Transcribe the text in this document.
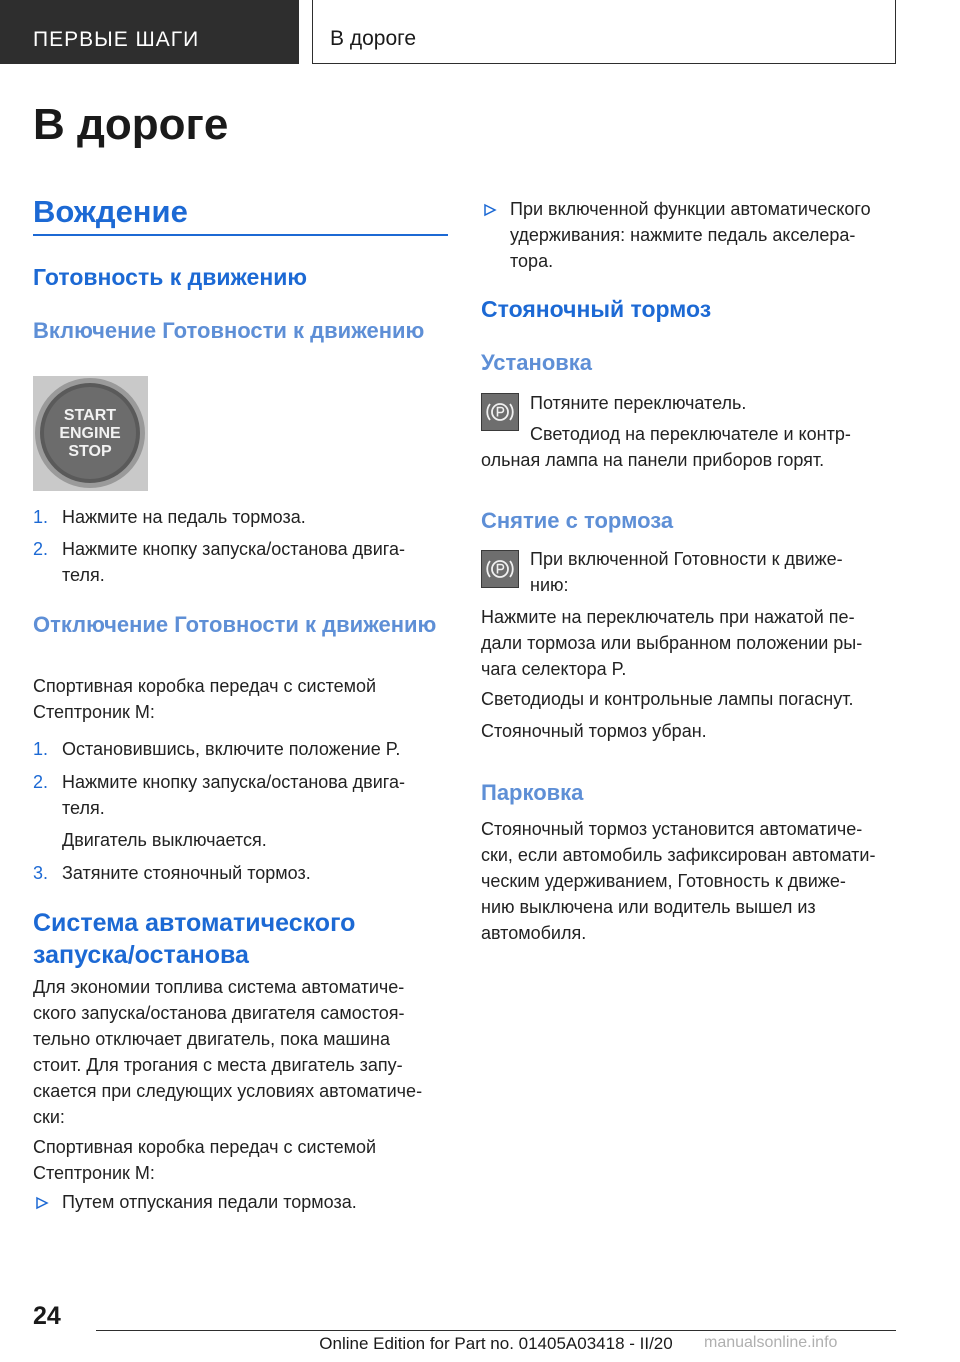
ПЕРВЫЕ ШАГИ	В дороге
В дороге
Вождение
Готовность к движению
Включение Готовности к движению
START
ENGINE
STOP
1. Нажмите на педаль тормоза.

2. Нажмите кнопку запуска/останова двига-

теля.

Отключение Готовности к движению

Спортивная коробка передач с системой Стептроник M:

1. Остановившись, включите положение P.

2. Нажмите кнопку запуска/останова двига-

теля.

Двигатель выключается.

3. Затяните стояночный тормоз.

Система автоматического запуска/останова

Для экономии топлива система автоматиче-

ского запуска/останова двигателя самостоя-

тельно отключает двигатель, пока машина

стоит. Для трогания с места двигатель запу-

скается при следующих условиях автоматиче-

ски:

Спортивная коробка передач с системой Стептроник M:

Путем отпускания педали тормоза.

При включенной функции автоматического

удерживания: нажмите педаль акселера-

тора.

Стояночный тормоз
Установка

Потяните переключатель.

Светодиод на переключателе и контр-

ольная лампа на панели приборов горят.

Снятие с тормоза

При включенной Готовности к движе-

нию:

Нажмите на переключатель при нажатой пе-

дали тормоза или выбранном положении ры-

чага селектора P.

Светодиоды и контрольные лампы погаснут.

Стояночный тормоз убран.

Парковка

Стояночный тормоз установится автоматиче-

ски, если автомобиль зафиксирован автомати-

ческим удерживанием, Готовность к движе-

нию выключена или водитель вышел из

автомобиля.

24

Online Edition for Part no. 01405A03418 - II/20	manualsonline.info
